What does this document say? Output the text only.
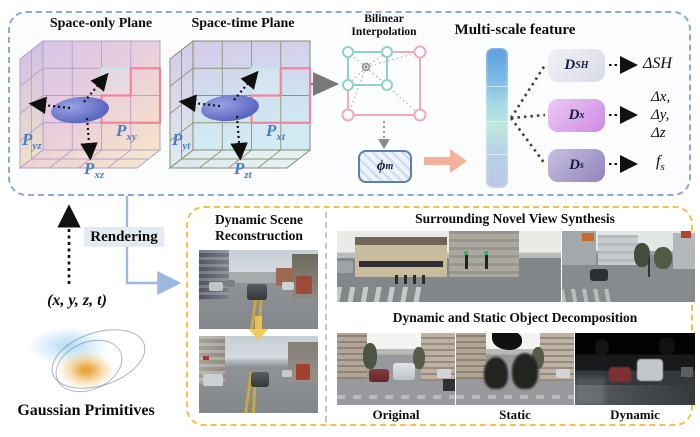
Space-only Plane	Space-time Plane	Bilinear
Interpolation	Multi-scale feature
$P_{yz}$
$P_{xy}$
$P_{xz}$
$P_{yt}$
$P_{xt}$
$P_{zt}$
D SH
D x
D s
ΔSH
Δx,
Δy,
Δz
$f_s$
ϕ m
(x, y, z, t)
Gaussian Primitives
Dynamic Scene
Reconstruction
Surrounding Novel View Synthesis
Dynamic and Static Object Decomposition
Original	Static	Dynamic
Rendering
